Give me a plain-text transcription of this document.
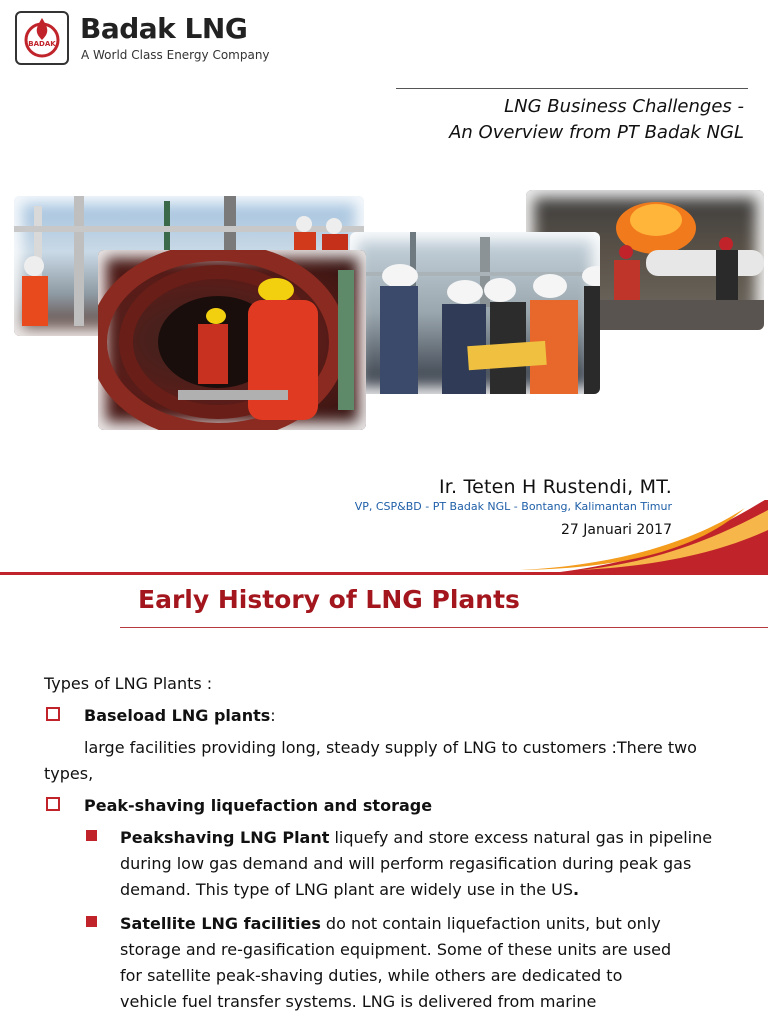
BADAK Badak LNG
A World Class Energy Company
LNG Business Challenges -
An Overview from PT Badak NGL
Ir. Teten H Rustendi, MT.
VP, CSP&BD - PT Badak NGL - Bontang, Kalimantan Timur
27 Januari 2017
Early History of LNG Plants
Types of LNG Plants :
Baseload LNG plants:
large facilities providing long, steady supply of LNG to customers :There two
types,
Peak-shaving liquefaction and storage
Peakshaving LNG Plant liquefy and store excess natural gas in pipeline
during low gas demand and will perform regasification during peak gas
demand. This type of LNG plant are widely use in the US.
Satellite LNG facilities do not contain liquefaction units, but only
storage and re-gasification equipment. Some of these units are used
for satellite peak-shaving duties, while others are dedicated to
vehicle fuel transfer systems. LNG is delivered from marine
